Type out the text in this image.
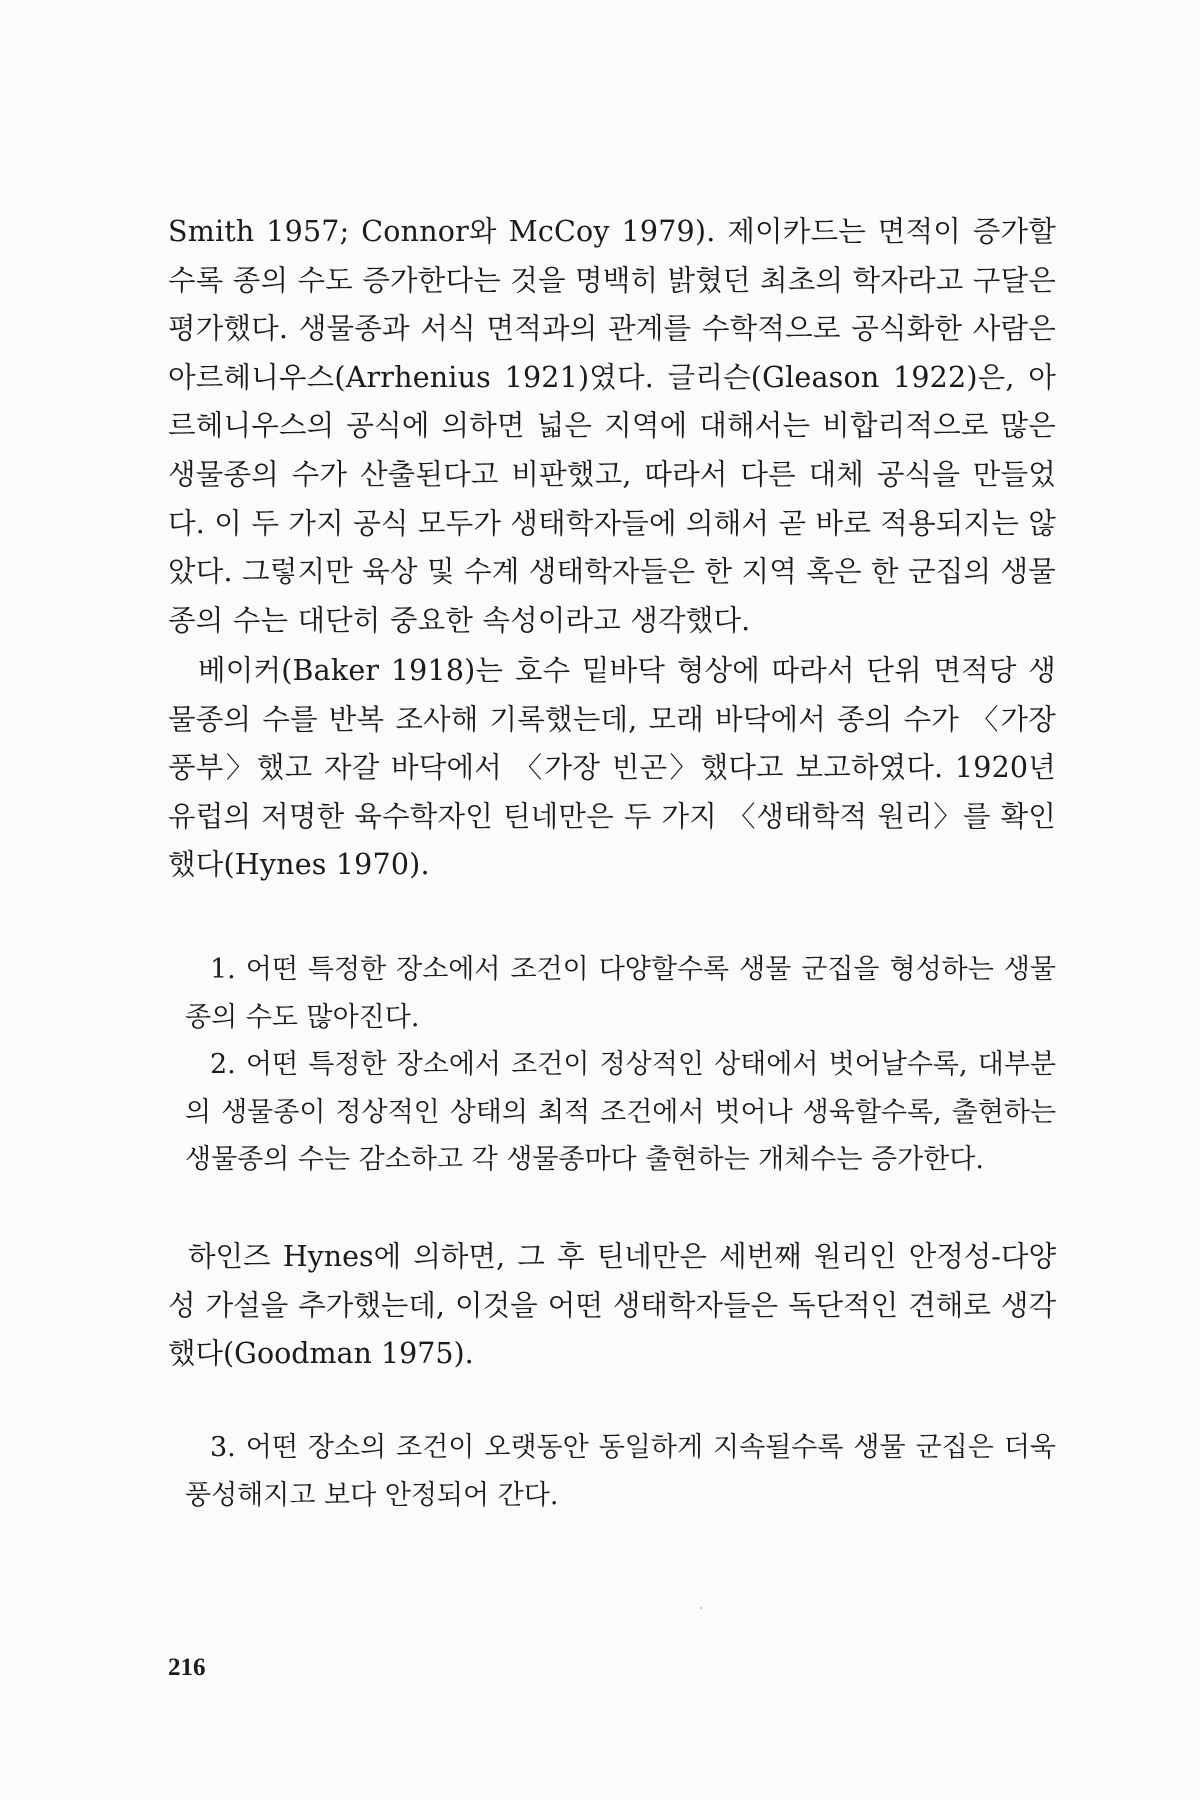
Smith 1957; Connor와 McCoy 1979). 제이카드는 면적이 증가할수록 종의 수도 증가한다는 것을 명백히 밝혔던 최초의 학자라고 구달은 평가했다. 생물종과 서식 면적과의 관계를 수학적으로 공식화한 사람은 아르헤니우스(Arrhenius 1921)였다. 글리슨(Gleason 1922)은, 아르헤니우스의 공식에 의하면 넓은 지역에 대해서는 비합리적으로 많은 생물종의 수가 산출된다고 비판했고, 따라서 다른 대체 공식을 만들었다. 이 두 가지 공식 모두가 생태학자들에 의해서 곧 바로 적용되지는 않았다. 그렇지만 육상 및 수계 생태학자들은 한 지역 혹은 한 군집의 생물종의 수는 대단히 중요한 속성이라고 생각했다.

베이커(Baker 1918)는 호수 밑바닥 형상에 따라서 단위 면적당 생물종의 수를 반복 조사해 기록했는데, 모래 바닥에서 종의 수가 〈가장 풍부〉했고 자갈 바닥에서 〈가장 빈곤〉했다고 보고하였다. 1920년 유럽의 저명한 육수학자인 틴네만은 두 가지 〈생태학적 원리〉를 확인했다(Hynes 1970).

1. 어떤 특정한 장소에서 조건이 다양할수록 생물 군집을 형성하는 생물종의 수도 많아진다.

2. 어떤 특정한 장소에서 조건이 정상적인 상태에서 벗어날수록, 대부분의 생물종이 정상적인 상태의 최적 조건에서 벗어나 생육할수록, 출현하는 생물종의 수는 감소하고 각 생물종마다 출현하는 개체수는 증가한다.

하인즈 Hynes에 의하면, 그 후 틴네만은 세번째 원리인 안정성-다양성 가설을 추가했는데, 이것을 어떤 생태학자들은 독단적인 견해로 생각했다(Goodman 1975).

3. 어떤 장소의 조건이 오랫동안 동일하게 지속될수록 생물 군집은 더욱 풍성해지고 보다 안정되어 간다.

216
